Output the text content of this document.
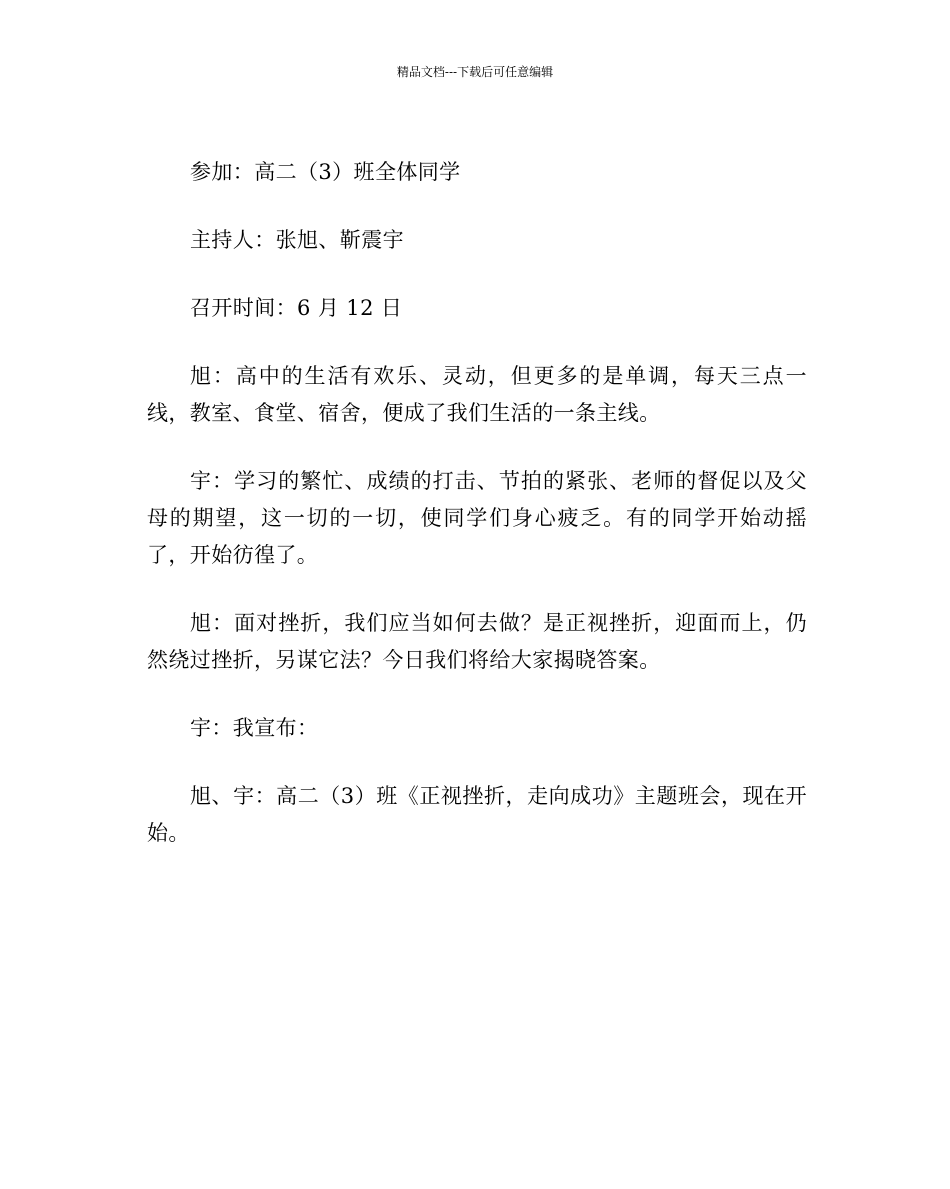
精品文档---下载后可任意编辑

参加：高二（3）班全体同学

主持人：张旭、靳震宇

召开时间：6 月 12 日

旭：高中的生活有欢乐、灵动，但更多的是单调，每天三点一线，教室、食堂、宿舍，便成了我们生活的一条主线。

宇：学习的繁忙、成绩的打击、节拍的紧张、老师的督促以及父母的期望，这一切的一切，使同学们身心疲乏。有的同学开始动摇了，开始彷徨了。

旭：面对挫折，我们应当如何去做？是正视挫折，迎面而上，仍然绕过挫折，另谋它法？今日我们将给大家揭晓答案。

宇：我宣布：

旭、宇：高二（3）班《正视挫折，走向成功》主题班会，现在开始。
